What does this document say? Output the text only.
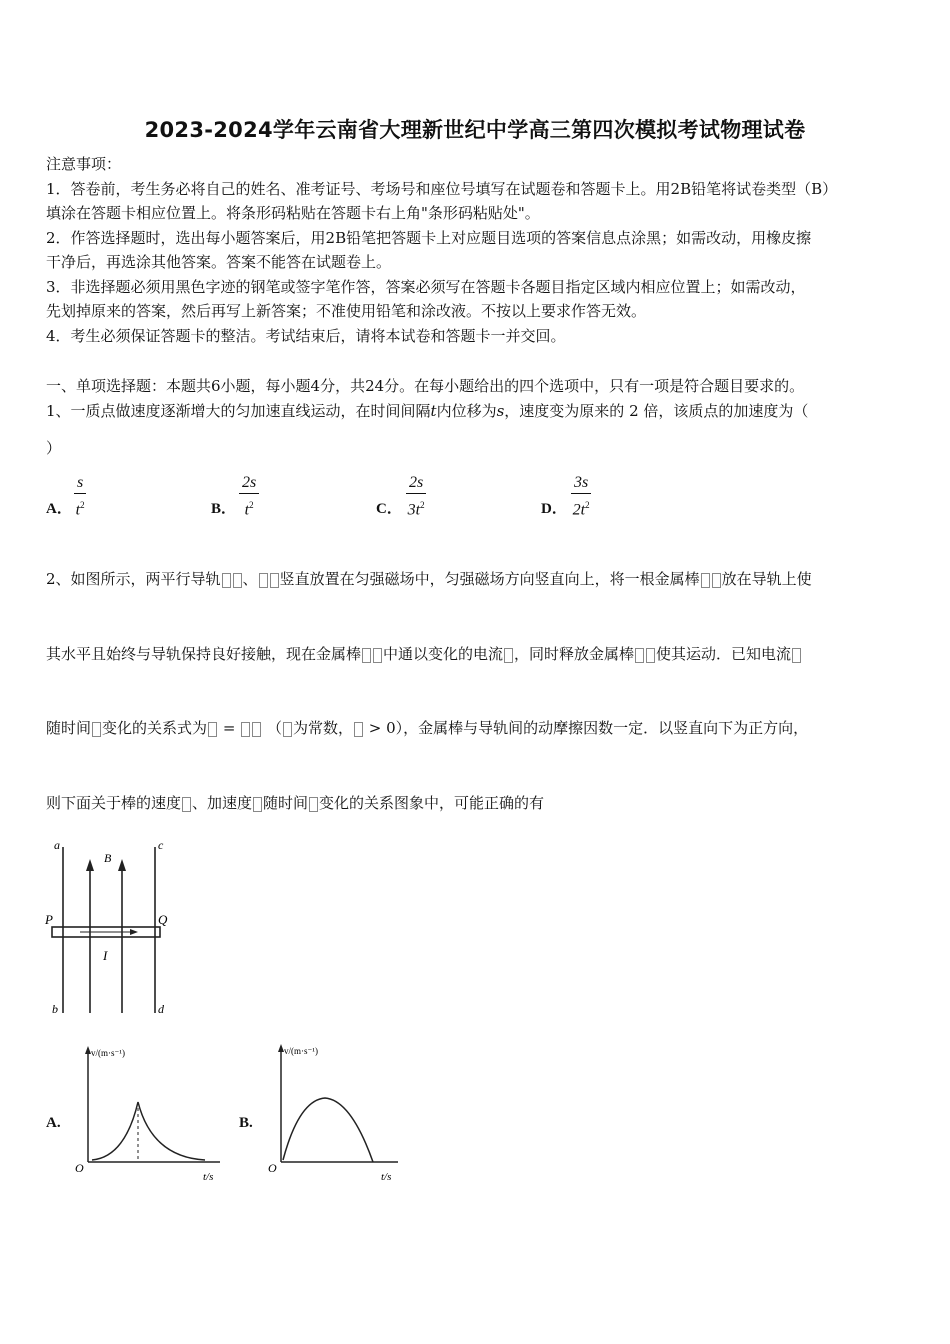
2023-2024学年云南省大理新世纪中学高三第四次模拟考试物理试卷
注意事项：
1．答卷前，考生务必将自己的姓名、准考证号、考场号和座位号填写在试题卷和答题卡上。用2B铅笔将试卷类型（B）
填涂在答题卡相应位置上。将条形码粘贴在答题卡右上角"条形码粘贴处"。
2．作答选择题时，选出每小题答案后，用2B铅笔把答题卡上对应题目选项的答案信息点涂黑；如需改动，用橡皮擦
干净后，再选涂其他答案。答案不能答在试题卷上。
3．非选择题必须用黑色字迹的钢笔或签字笔作答，答案必须写在答题卡各题目指定区域内相应位置上；如需改动，
先划掉原来的答案，然后再写上新答案；不准使用铅笔和涂改液。不按以上要求作答无效。
4．考生必须保证答题卡的整洁。考试结束后，请将本试卷和答题卡一并交回。
一、单项选择题：本题共6小题，每小题4分，共24分。在每小题给出的四个选项中，只有一项是符合题目要求的。
1、一质点做速度逐渐增大的匀加速直线运动，在时间间隔t内位移为s，速度变为原来的 2 倍，该质点的加速度为（
）
A． $\frac{s}{t^2}$	B． $\frac{2s}{t^2}$	C． $\frac{2s}{3t^2}$	D． $\frac{3s}{2t^2}$
2、如图所示，两平行导轨 、 竖直放置在匀强磁场中，匀强磁场方向竖直向上，将一根金属棒 放在导轨上使
其水平且始终与导轨保持良好接触，现在金属棒 中通以变化的电流 ，同时释放金属棒 使其运动．已知电流
随时间 变化的关系式为 = （ 为常数， > 0），金属棒与导轨间的动摩擦因数一定．以竖直向下为正方向，
则下面关于棒的速度 、加速度 随时间 变化的关系图象中，可能正确的有
a	c
B
P	Q
I
b	d
A.
v/(m·s⁻¹)
O
t/s
B.
v/(m·s⁻¹)
O
t/s
